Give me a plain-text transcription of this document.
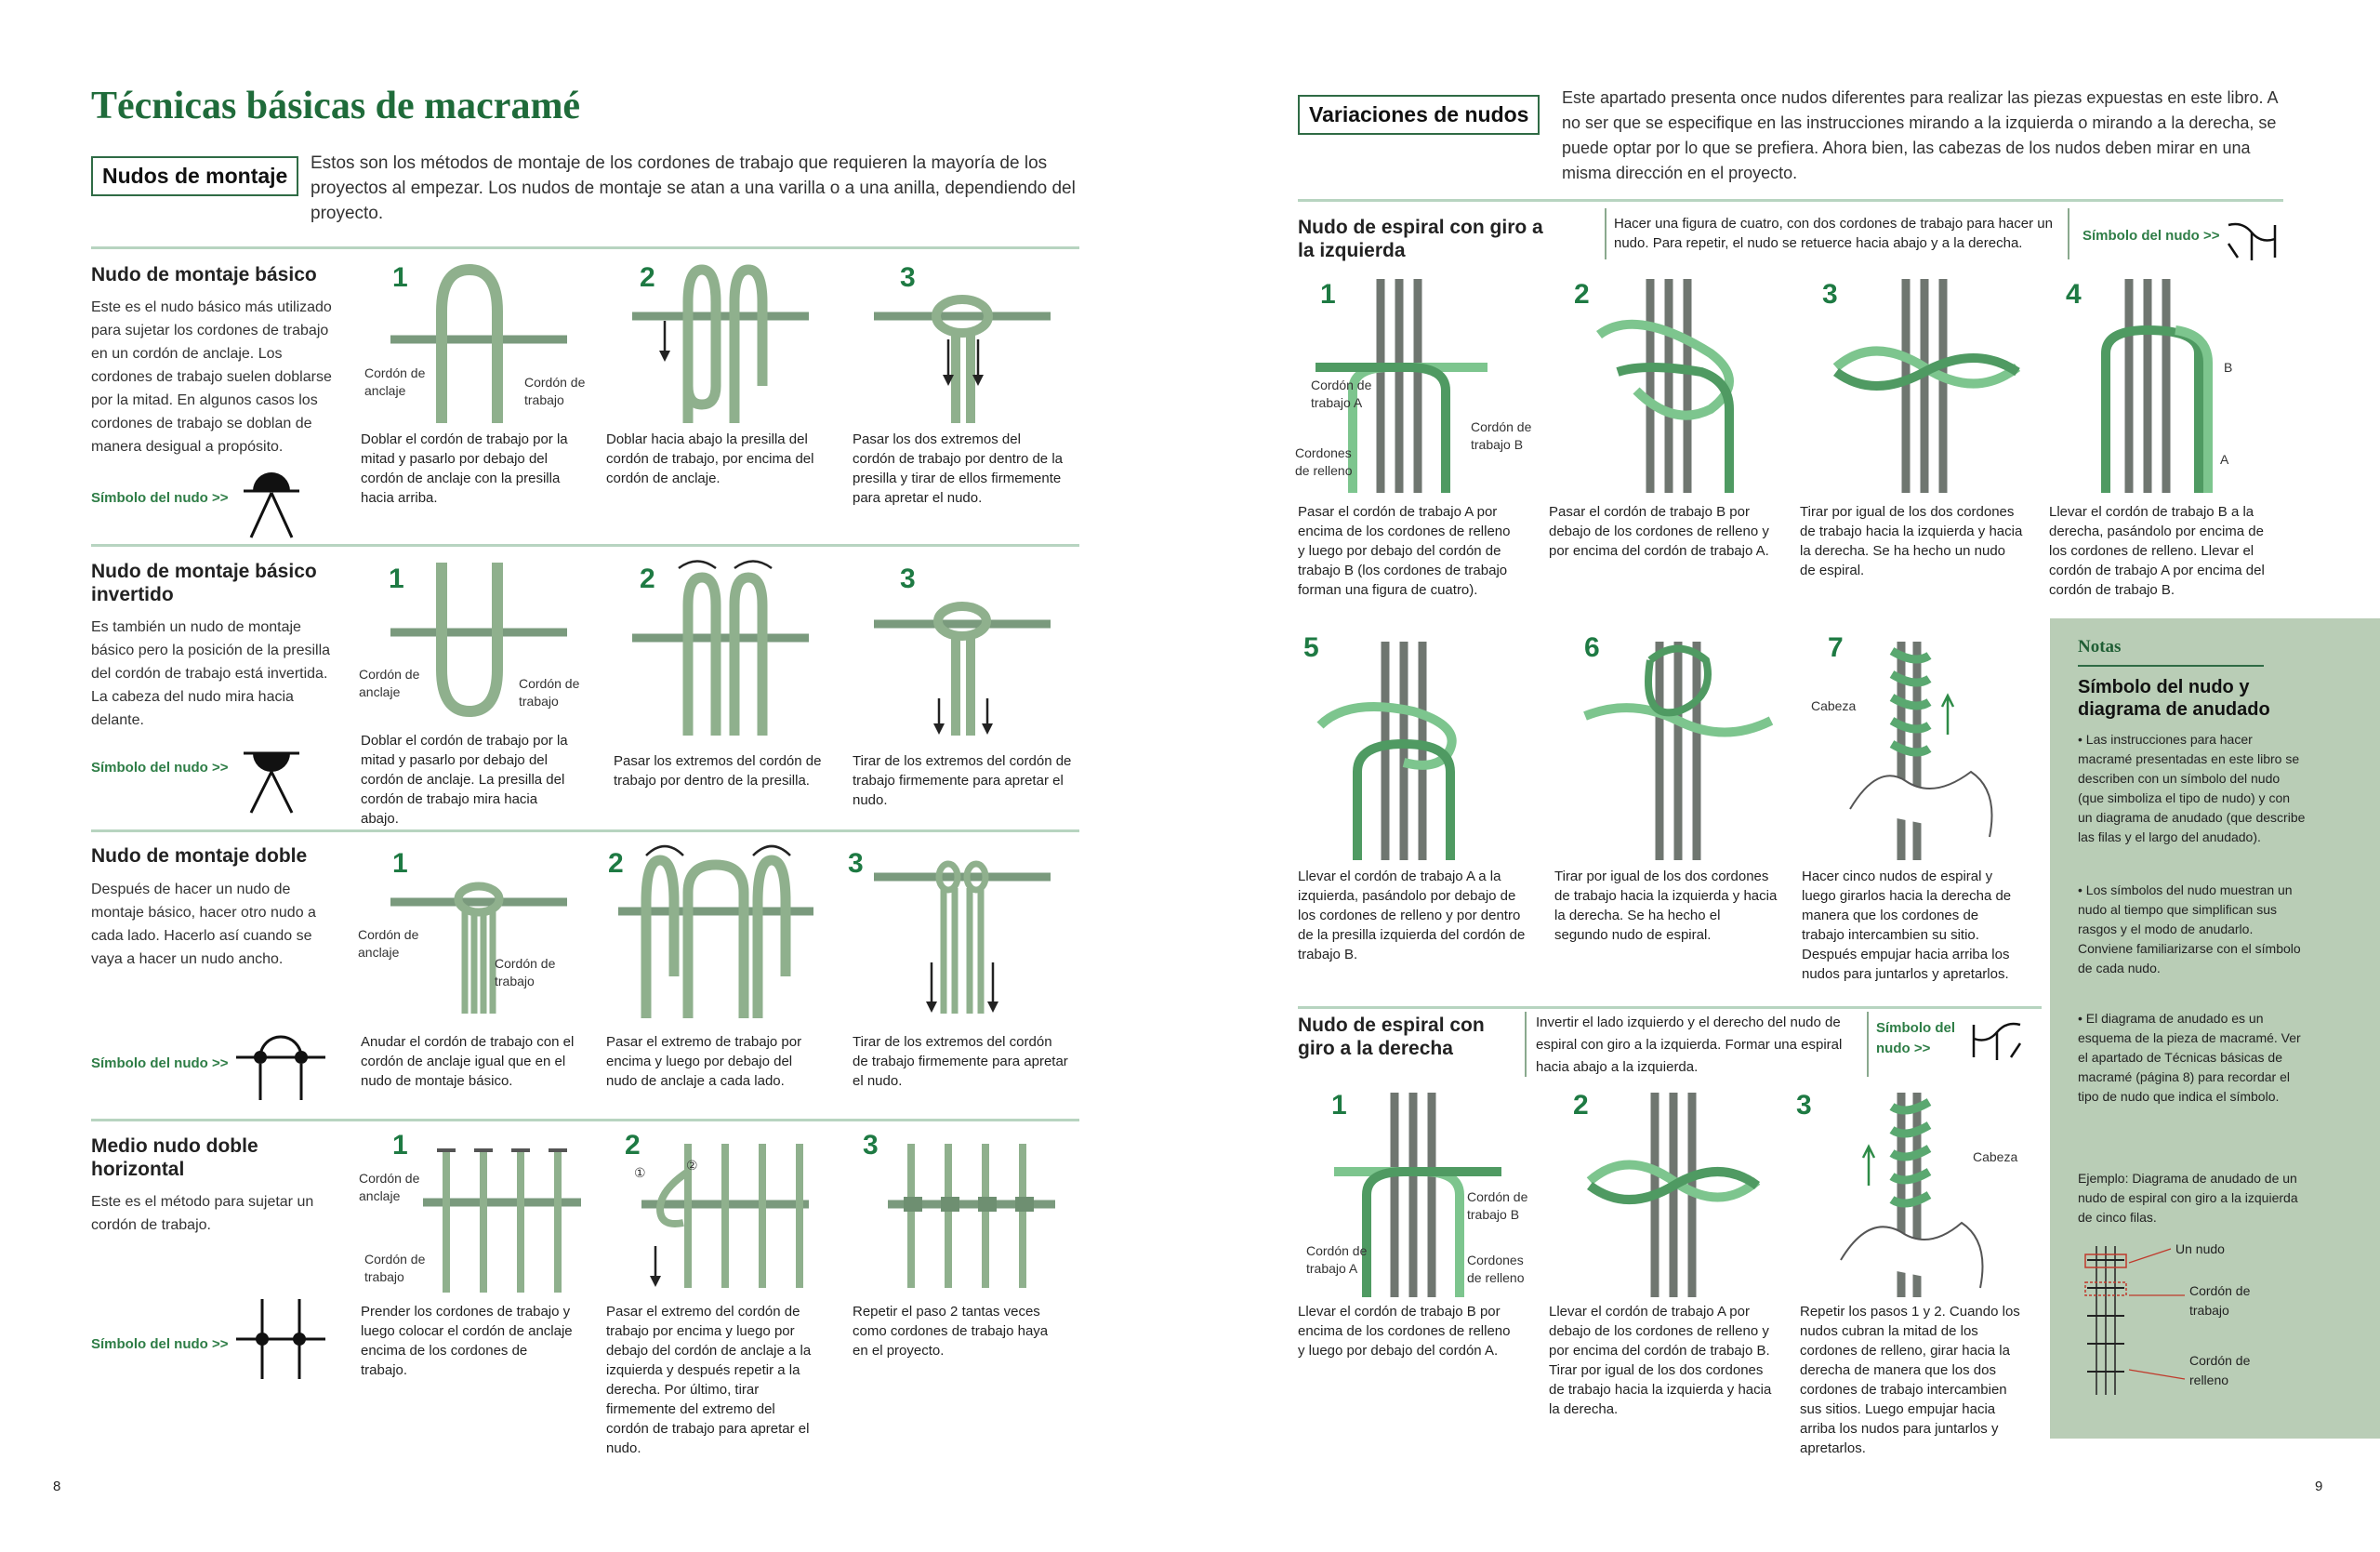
Técnicas básicas de macramé
Nudos de montaje
Estos son los métodos de montaje de los cordones de trabajo que requieren la mayoría de los proyectos al empezar. Los nudos de montaje se atan a una varilla o a una anilla, dependiendo del proyecto.
Nudo de montaje básico
Este es el nudo básico más utilizado para sujetar los cordones de trabajo en un cordón de anclaje. Los cordones de trabajo suelen doblarse por la mitad. En algunos casos los cordones de trabajo se doblan de manera desigual a propósito.
Símbolo del nudo >>
1
Cordón de anclaje
Cordón de trabajo
Doblar el cordón de trabajo por la mitad y pasarlo por debajo del cordón de anclaje con la presilla hacia arriba.
2
Doblar hacia abajo la presilla del cordón de trabajo, por encima del cordón de anclaje.
3
Pasar los dos extremos del cordón de trabajo por dentro de la presilla y tirar de ellos firmemente para apretar el nudo.
Nudo de montaje básico invertido
Es también un nudo de montaje básico pero la posición de la presilla del cordón de trabajo está invertida. La cabeza del nudo mira hacia delante.
Símbolo del nudo >>
1
Cordón de anclaje
Cordón de trabajo
Doblar el cordón de trabajo por la mitad y pasarlo por debajo del cordón de anclaje. La presilla del cordón de trabajo mira hacia abajo.
2
Pasar los extremos del cordón de trabajo por dentro de la presilla.
3
Tirar de los extremos del cordón de trabajo firmemente para apretar el nudo.
Nudo de montaje doble
Después de hacer un nudo de montaje básico, hacer otro nudo a cada lado. Hacerlo así cuando se vaya a hacer un nudo ancho.
Símbolo del nudo >>
1
Cordón de anclaje
Cordón de trabajo
Anudar el cordón de trabajo con el cordón de anclaje igual que en el nudo de montaje básico.
2
Pasar el extremo de trabajo por encima y luego por debajo del nudo de anclaje a cada lado.
3
Tirar de los extremos del cordón de trabajo firmemente para apretar el nudo.
Medio nudo doble horizontal
Este es el método para sujetar un cordón de trabajo.
Símbolo del nudo >>
1
Cordón de anclaje
Cordón de trabajo
Prender los cordones de trabajo y luego colocar el cordón de anclaje encima de los cordones de trabajo.
2
①	②
Pasar el extremo del cordón de trabajo por encima y luego por debajo del cordón de anclaje a la izquierda y después repetir a la derecha. Por último, tirar firmemente del extremo del cordón de trabajo para apretar el nudo.
3
Repetir el paso 2 tantas veces como cordones de trabajo haya en el proyecto.
8
Variaciones de nudos
Este apartado presenta once nudos diferentes para realizar las piezas expuestas en este libro. A no ser que se especifique en las instrucciones mirando a la izquierda o mirando a la derecha, se puede optar por lo que se prefiera. Ahora bien, las cabezas de los nudos deben mirar en una misma dirección en el proyecto.
Nudo de espiral con giro a la izquierda
Hacer una figura de cuatro, con dos cordones de trabajo para hacer un nudo. Para repetir, el nudo se retuerce hacia abajo y a la derecha.	Símbolo del nudo >>
1
Cordón de trabajo A
Cordón de trabajo B
Cordones de relleno
Pasar el cordón de trabajo A por encima de los cordones de relleno y luego por debajo del cordón de trabajo B (los cordones de trabajo forman una figura de cuatro).
2
Pasar el cordón de trabajo B por debajo de los cordones de relleno y por encima del cordón de trabajo A.
3
Tirar por igual de los dos cordones de trabajo hacia la izquierda y hacia la derecha. Se ha hecho un nudo de espiral.
4
B
A
Llevar el cordón de trabajo B a la derecha, pasándolo por encima de los cordones de relleno. Llevar el cordón de trabajo A por encima del cordón de trabajo B.
5
Llevar el cordón de trabajo A a la izquierda, pasándolo por debajo de los cordones de relleno y por dentro de la presilla izquierda del cordón de trabajo B.
6
Tirar por igual de los dos cordones de trabajo hacia la izquierda y hacia la derecha. Se ha hecho el segundo nudo de espiral.
7
Cabeza
Hacer cinco nudos de espiral y luego girarlos hacia la derecha de manera que los cordones de trabajo intercambien su sitio. Después empujar hacia arriba los nudos para juntarlos y apretarlos.
Notas
Símbolo del nudo y diagrama de anudado
• Las instrucciones para hacer macramé presentadas en este libro se describen con un símbolo del nudo (que simboliza el tipo de nudo) y con un diagrama de anudado (que describe las filas y el largo del anudado).
• Los símbolos del nudo muestran un nudo al tiempo que simplifican sus rasgos y el modo de anudarlo. Conviene familiarizarse con el símbolo de cada nudo.
• El diagrama de anudado es un esquema de la pieza de macramé. Ver el apartado de Técnicas básicas de macramé (página 8) para recordar el tipo de nudo que indica el símbolo.
Ejemplo: Diagrama de anudado de un nudo de espiral con giro a la izquierda de cinco filas.
Un nudo
Cordón de trabajo
Cordón de relleno
Nudo de espiral con giro a la derecha
Invertir el lado izquierdo y el derecho del nudo de espiral con giro a la izquierda. Formar una espiral hacia abajo a la izquierda.
Símbolo del nudo >>
1
Cordón de trabajo B
Cordón de trabajo A
Cordones de relleno
Llevar el cordón de trabajo B por encima de los cordones de relleno y luego por debajo del cordón A.
2
Llevar el cordón de trabajo A por debajo de los cordones de relleno y por encima del cordón de trabajo B. Tirar por igual de los dos cordones de trabajo hacia la izquierda y hacia la derecha.
3
Cabeza
Repetir los pasos 1 y 2. Cuando los nudos cubran la mitad de los cordones de relleno, girar hacia la derecha de manera que los dos cordones de trabajo intercambien sus sitios. Luego empujar hacia arriba los nudos para juntarlos y apretarlos.
9
